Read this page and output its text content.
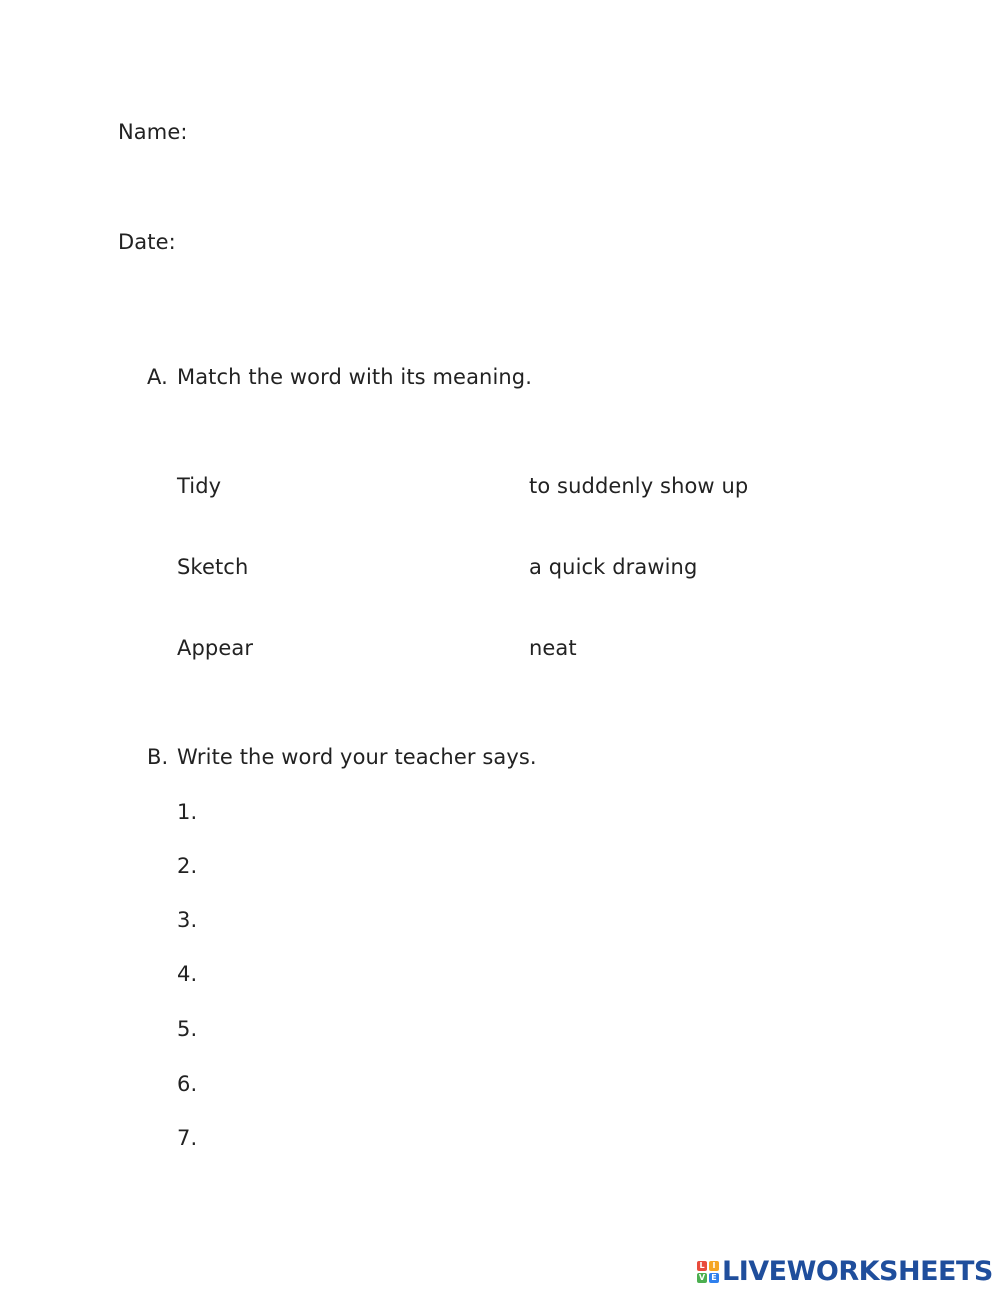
Name:
Date:
A. Match the word with its meaning.
Tidy	to suddenly show up
Sketch	a quick drawing
Appear	neat
B. Write the word your teacher says.
1.
2.
3.
4.
5.
6.
7.
L I
V E LIVEWORKSHEETS
